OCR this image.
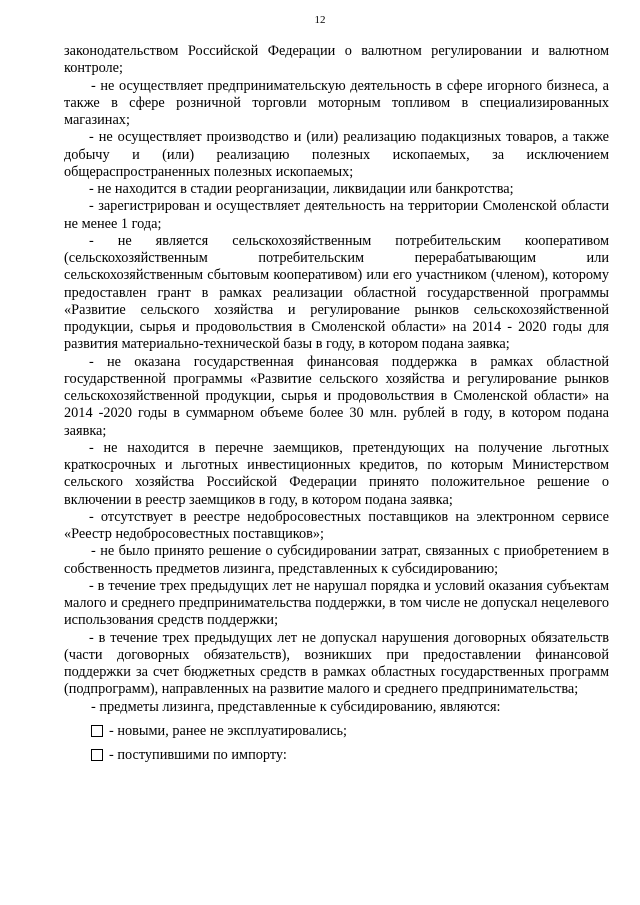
12

законодательством Российской Федерации о валютном регулировании и валютном контроле;

- не осуществляет предпринимательскую деятельность в сфере игорного бизнеса, а также в сфере розничной торговли моторным топливом в специализированных магазинах;

- не осуществляет производство и (или) реализацию подакцизных товаров, а также добычу и (или) реализацию полезных ископаемых, за исключением общераспространенных полезных ископаемых;

- не находится в стадии реорганизации, ликвидации или банкротства;

- зарегистрирован и осуществляет деятельность на территории Смоленской области не менее 1 года;

- не является сельскохозяйственным потребительским кооперативом (сельскохозяйственным потребительским перерабатывающим или сельскохозяйственным сбытовым кооперативом) или его участником (членом), которому предоставлен грант в рамках реализации областной государственной программы «Развитие сельского хозяйства и регулирование рынков сельскохозяйственной продукции, сырья и продовольствия в Смоленской области» на 2014 - 2020 годы для развития материально-технической базы в году, в котором подана заявка;

- не оказана государственная финансовая поддержка в рамках областной государственной программы «Развитие сельского хозяйства и регулирование рынков сельскохозяйственной продукции, сырья и продовольствия в Смоленской области» на 2014 -2020 годы в суммарном объеме более 30 млн. рублей в году, в котором подана заявка;

- не находится в перечне заемщиков, претендующих на получение льготных краткосрочных и льготных инвестиционных кредитов, по которым Министерством сельского хозяйства Российской Федерации принято положительное решение о включении в реестр заемщиков в году, в котором подана заявка;

- отсутствует в реестре недобросовестных поставщиков на электронном сервисе «Реестр недобросовестных поставщиков»;

- не было принято решение о субсидировании затрат, связанных с приобретением в собственность предметов лизинга, представленных к субсидированию;

- в течение трех предыдущих лет не нарушал порядка и условий оказания субъектам малого и среднего предпринимательства поддержки, в том числе не допускал нецелевого использования средств поддержки;

- в течение трех предыдущих лет не допускал нарушения договорных обязательств (части договорных обязательств), возникших при предоставлении финансовой поддержки за счет бюджетных средств в рамках областных государственных программ (подпрограмм), направленных на развитие малого и среднего предпринимательства;

- предметы лизинга, представленные к субсидированию, являются:

- новыми, ранее не эксплуатировались;
- поступившими по импорту:
